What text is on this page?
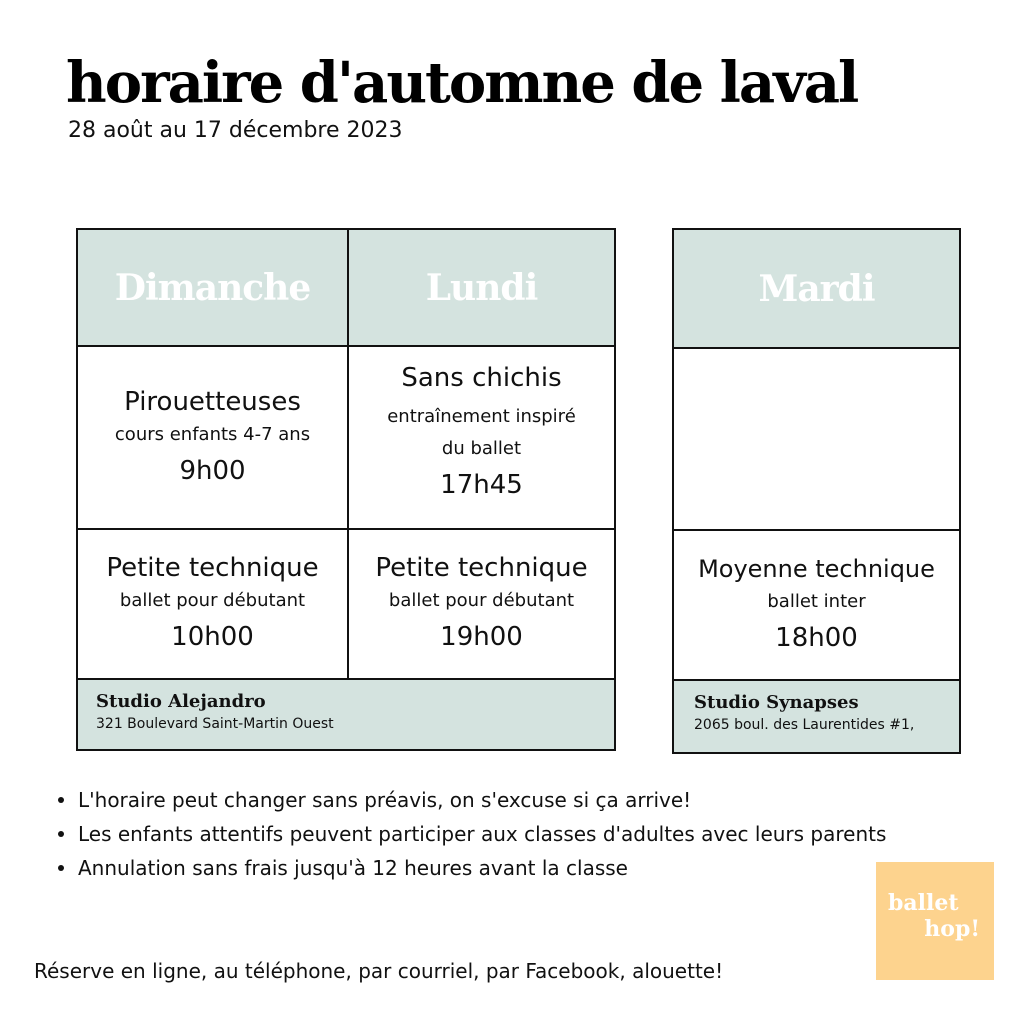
horaire d'automne de laval
28 août au 17 décembre 2023
Dimanche	Lundi
Pirouetteuses
cours enfants 4-7 ans
9h00
Sans chichis
entraînement inspiré
du ballet
17h45
Petite technique
ballet pour débutant
10h00
Petite technique
ballet pour débutant
19h00
Studio Alejandro
321 Boulevard Saint-Martin Ouest
Mardi
Moyenne technique
ballet inter
18h00
Studio Synapses
2065 boul. des Laurentides #1,
L'horaire peut changer sans préavis, on s'excuse si ça arrive!
Les enfants attentifs peuvent participer aux classes d'adultes avec leurs parents
Annulation sans frais jusqu'à 12 heures avant la classe
Réserve en ligne, au téléphone, par courriel, par Facebook, alouette!
ballet
hop!
